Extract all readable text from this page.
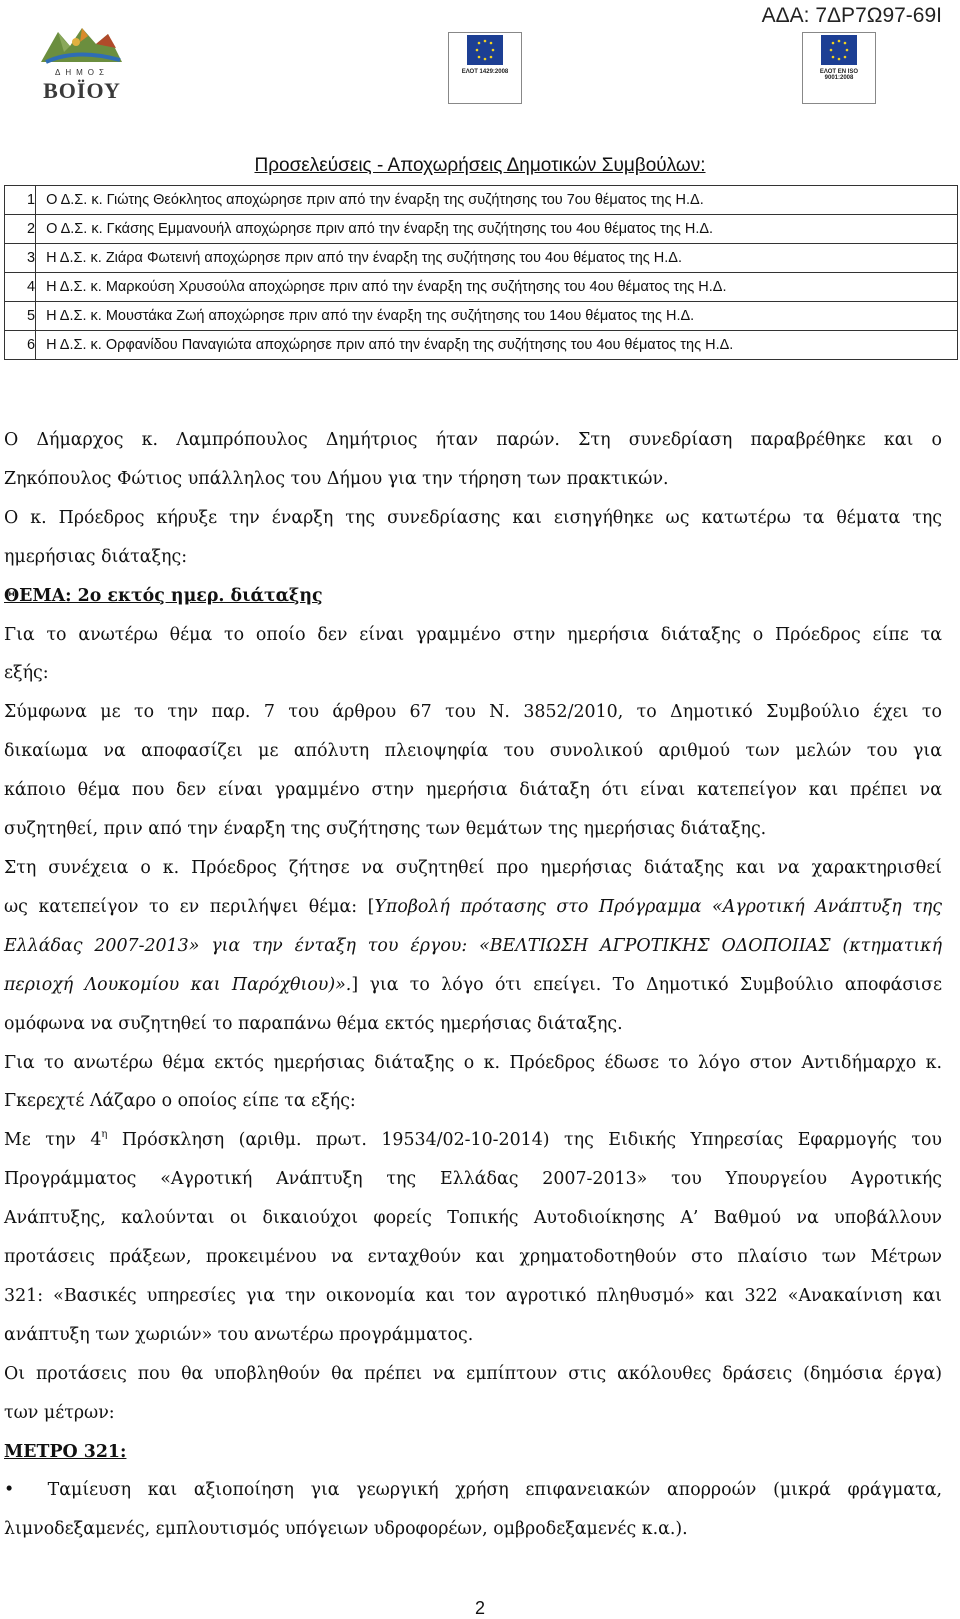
ΑΔΑ: 7ΔΡ7Ω97-69Ι
ΔΗΜΟΣ
ΒΟΪΟΥ
ΕΛΟΤ 1429:2008	ΕΛΟΤ EN ISO 9001:2008
Προσελεύσεις - Αποχωρήσεις Δημοτικών Συμβούλων:
1	Ο Δ.Σ. κ. Γιώτης Θεόκλητος αποχώρησε πριν από την έναρξη της συζήτησης του 7ου θέματος της Η.Δ.
2	Ο Δ.Σ. κ. Γκάσης Εμμανουήλ αποχώρησε πριν από την έναρξη της συζήτησης του 4ου θέματος της Η.Δ.
3	Η Δ.Σ. κ. Ζιάρα Φωτεινή αποχώρησε πριν από την έναρξη της συζήτησης του 4ου θέματος της Η.Δ.
4	Η Δ.Σ. κ. Μαρκούση Χρυσούλα αποχώρησε πριν από την έναρξη της συζήτησης του 4ου θέματος της Η.Δ.
5	Η Δ.Σ. κ. Μουστάκα Ζωή αποχώρησε πριν από την έναρξη της συζήτησης του 14ου θέματος της Η.Δ.
6	Η Δ.Σ. κ. Ορφανίδου Παναγιώτα αποχώρησε πριν από την έναρξη της συζήτησης του 4ου θέματος της Η.Δ.

Ο Δήμαρχος κ. Λαμπρόπουλος Δημήτριος ήταν παρών. Στη συνεδρίαση παραβρέθηκε και ο

Ζηκόπουλος Φώτιος υπάλληλος του Δήμου για την τήρηση των πρακτικών.

Ο κ. Πρόεδρος κήρυξε την έναρξη της συνεδρίασης και εισηγήθηκε ως κατωτέρω τα θέματα της

ημερήσιας διάταξης:

ΘΕΜΑ: 2ο εκτός ημερ. διάταξης

Για το ανωτέρω θέμα το οποίο δεν είναι γραμμένο στην ημερήσια διάταξης ο Πρόεδρος είπε τα

εξής:

Σύμφωνα με το την παρ. 7 του άρθρου 67 του Ν. 3852/2010, το Δημοτικό Συμβούλιο έχει το

δικαίωμα να αποφασίζει με απόλυτη πλειοψηφία του συνολικού αριθμού των μελών του για

κάποιο θέμα που δεν είναι γραμμένο στην ημερήσια διάταξη ότι είναι κατεπείγον και πρέπει να

συζητηθεί, πριν από την έναρξη της συζήτησης των θεμάτων της ημερήσιας διάταξης.

Στη συνέχεια ο κ. Πρόεδρος ζήτησε να συζητηθεί προ ημερήσιας διάταξης και να χαρακτηρισθεί

ως κατεπείγον το εν περιλήψει θέμα: [Υποβολή πρότασης στο Πρόγραμμα «Αγροτική Ανάπτυξη της

Ελλάδας 2007-2013» για την ένταξη του έργου: «ΒΕΛΤΙΩΣΗ ΑΓΡΟΤΙΚΗΣ ΟΔΟΠΟΙΙΑΣ (κτηματική

περιοχή Λουκομίου και Παρόχθιου)».] για το λόγο ότι επείγει. Το Δημοτικό Συμβούλιο αποφάσισε

ομόφωνα να συζητηθεί το παραπάνω θέμα εκτός ημερήσιας διάταξης.

Για το ανωτέρω θέμα εκτός ημερήσιας διάταξης ο κ. Πρόεδρος έδωσε το λόγο στον Αντιδήμαρχο κ.

Γκερεχτέ Λάζαρο ο οποίος είπε τα εξής:

Με την $4^\eta$ Πρόσκληση (αριθμ. πρωτ. 19534/02-10-2014) της Ειδικής Υπηρεσίας Εφαρμογής του

Προγράμματος «Αγροτική Ανάπτυξη της Ελλάδας 2007-2013» του Υπουργείου Αγροτικής

Ανάπτυξης, καλούνται οι δικαιούχοι φορείς Τοπικής Αυτοδιοίκησης Α’ Βαθμού να υποβάλλουν

προτάσεις πράξεων, προκειμένου να ενταχθούν και χρηματοδοτηθούν στο πλαίσιο των Μέτρων

321: «Βασικές υπηρεσίες για την οικονομία και τον αγροτικό πληθυσμό» και 322 «Ανακαίνιση και

ανάπτυξη των χωριών» του ανωτέρω προγράμματος.

Οι προτάσεις που θα υποβληθούν θα πρέπει να εμπίπτουν στις ακόλουθες δράσεις (δημόσια έργα)

των μέτρων:

ΜΕΤΡΟ 321:

• Ταμίευση και αξιοποίηση για γεωργική χρήση επιφανειακών απορροών (μικρά φράγματα,

λιμνοδεξαμενές, εμπλουτισμός υπόγειων υδροφορέων, ομβροδεξαμενές κ.α.).

2
